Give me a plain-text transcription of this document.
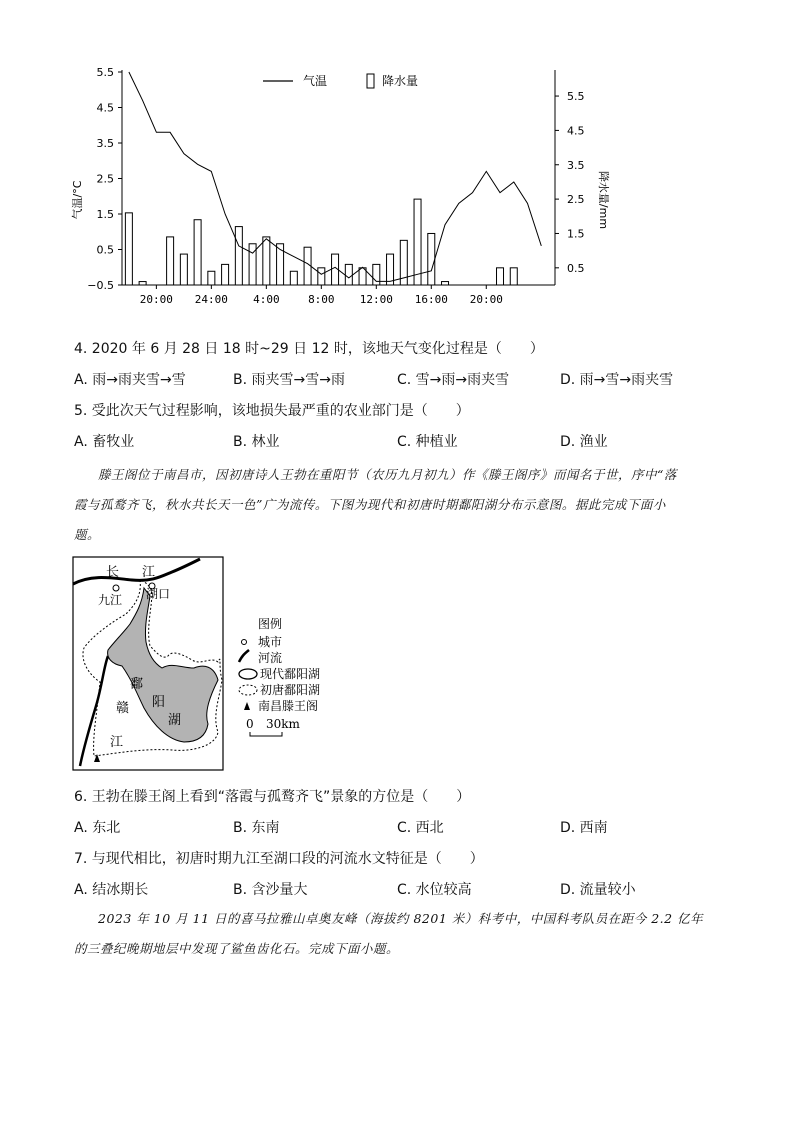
气温	降水量
气温/°C	降水量/mm
5.5
4.5
3.5
2.5
1.5
0.5
−0.5
5.5
4.5
3.5
2.5
1.5
0.5
20:00 24:00 4:00	8:00 12:00 16:00 20:00
4. 2020 年 6 月 28 日 18 时~29 日 12 时，该地天气变化过程是（　　）
A. 雨→雨夹雪→雪	B. 雨夹雪→雪→雨	C. 雪→雨→雨夹雪	D. 雨→雪→雨夹雪
5. 受此次天气过程影响，该地损失最严重的农业部门是（　　）
A. 畜牧业	B. 林业	C. 种植业	D. 渔业
滕王阁位于南昌市，因初唐诗人王勃在重阳节（农历九月初九）作《滕王阁序》而闻名于世，序中“落
霞与孤鹜齐飞，秋水共长天一色”广为流传。下图为现代和初唐时期鄱阳湖分布示意图。据此完成下面小
题。
长 江
九江 湖口
鄱
阳
湖
赣
江
图例
城市
河流
现代鄱阳湖
初唐鄱阳湖
南昌滕王阁
0 30km
6. 王勃在滕王阁上看到“落霞与孤鹜齐飞”景象的方位是（　　）
A. 东北	B. 东南	C. 西北	D. 西南
7. 与现代相比，初唐时期九江至湖口段的河流水文特征是（　　）
A. 结冰期长	B. 含沙量大	C. 水位较高	D. 流量较小
2023 年 10 月 11 日的喜马拉雅山卓奥友峰（海拔约 8201 米）科考中，中国科考队员在距今 2.2 亿年
的三叠纪晚期地层中发现了鲨鱼齿化石。完成下面小题。
